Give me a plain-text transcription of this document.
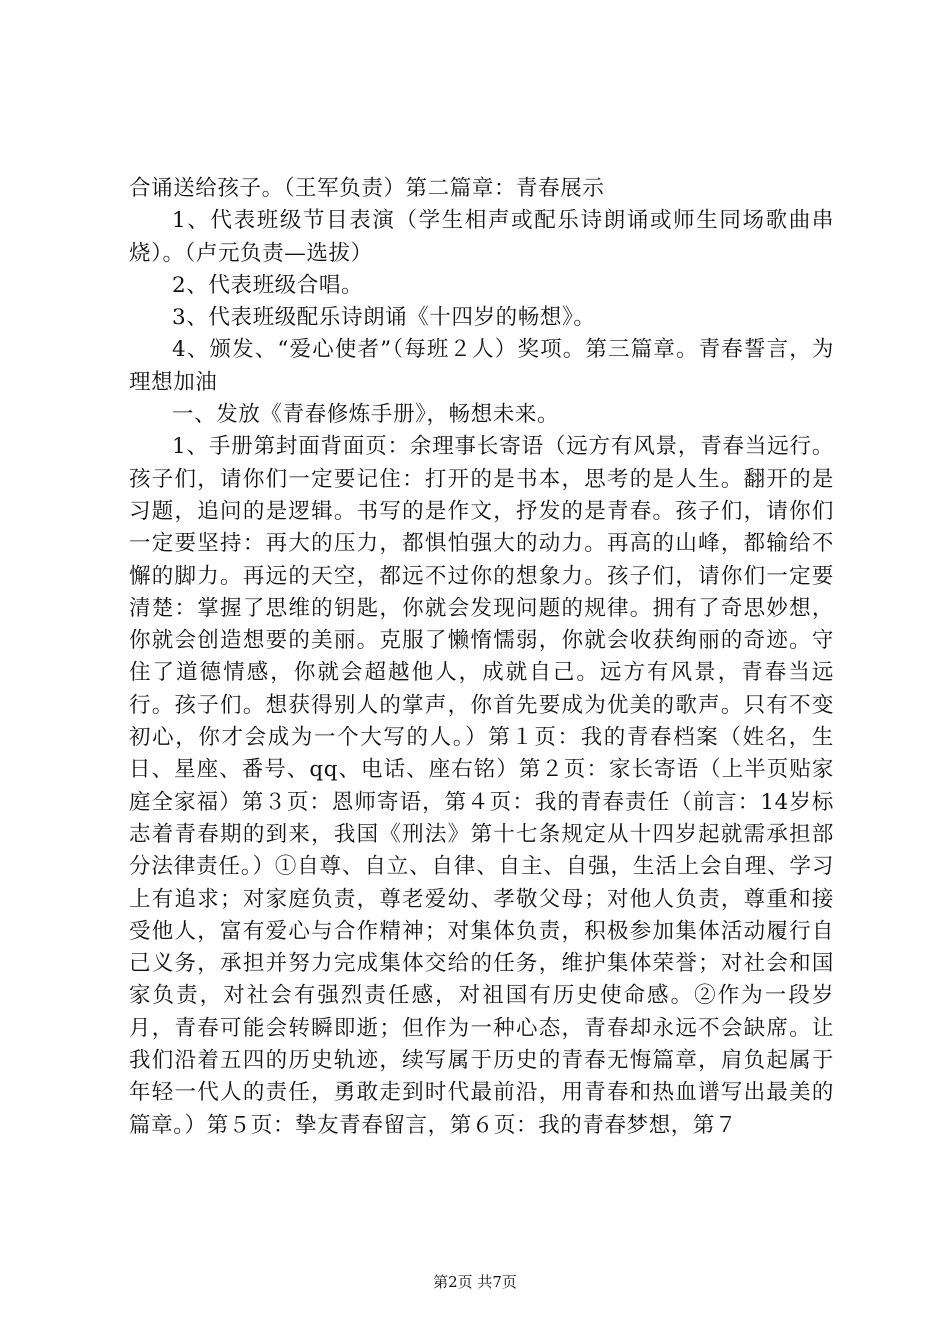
合诵送给孩子。（王军负责）第二篇章：青春展示

1、代表班级节目表演（学生相声或配乐诗朗诵或师生同场歌曲串烧）。（卢元负责—选拔）

2、代表班级合唱。

3、代表班级配乐诗朗诵《十四岁的畅想》。

4、颁发、“爱心使者”（每班２人）奖项。第三篇章。青春誓言，为理想加油

一、发放《青春修炼手册》，畅想未来。

1、手册第封面背面页：余理事长寄语（远方有风景，青春当远行。孩子们，请你们一定要记住：打开的是书本，思考的是人生。翻开的是习题，追问的是逻辑。书写的是作文，抒发的是青春。孩子们，请你们一定要坚持：再大的压力，都惧怕强大的动力。再高的山峰，都输给不懈的脚力。再远的天空，都远不过你的想象力。孩子们，请你们一定要清楚：掌握了思维的钥匙，你就会发现问题的规律。拥有了奇思妙想，你就会创造想要的美丽。克服了懒惰懦弱，你就会收获绚丽的奇迹。守住了道德情感，你就会超越他人，成就自己。远方有风景，青春当远行。孩子们。想获得别人的掌声，你首先要成为优美的歌声。只有不变初心，你才会成为一个大写的人。）第１页：我的青春档案（姓名，生日、星座、番号、qq、电话、座右铭）第２页：家长寄语（上半页贴家庭全家福）第３页：恩师寄语，第４页：我的青春责任（前言：14岁标志着青春期的到来，我国《刑法》第十七条规定从十四岁起就需承担部分法律责任。）①自尊、自立、自律、自主、自强，生活上会自理、学习上有追求；对家庭负责，尊老爱幼、孝敬父母；对他人负责，尊重和接受他人，富有爱心与合作精神；对集体负责，积极参加集体活动履行自己义务，承担并努力完成集体交给的任务，维护集体荣誉；对社会和国家负责，对社会有强烈责任感，对祖国有历史使命感。②作为一段岁月，青春可能会转瞬即逝；但作为一种心态，青春却永远不会缺席。让我们沿着五四的历史轨迹，续写属于历史的青春无悔篇章，肩负起属于年轻一代人的责任，勇敢走到时代最前沿，用青春和热血谱写出最美的篇章。）第５页：挚友青春留言，第６页：我的青春梦想，第７

第2页 共7页
